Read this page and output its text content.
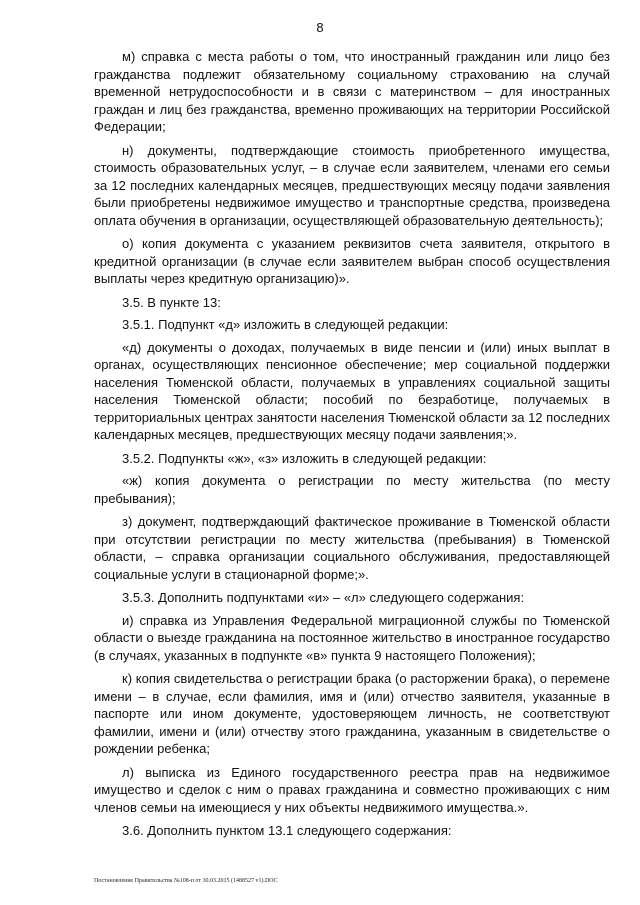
8

м) справка с места работы о том, что иностранный гражданин или лицо без гражданства подлежит обязательному социальному страхованию на случай временной нетрудоспособности и в связи с материнством – для иностранных граждан и лиц без гражданства, временно проживающих на территории Российской Федерации;

н) документы, подтверждающие стоимость приобретенного имущества, стоимость образовательных услуг, – в случае если заявителем, членами его семьи за 12 последних календарных месяцев, предшествующих месяцу подачи заявления были приобретены недвижимое имущество и транспортные средства, произведена оплата обучения в организации, осуществляющей образовательную деятельность);

о) копия документа с указанием реквизитов счета заявителя, открытого в кредитной организации (в случае если заявителем выбран способ осуществления выплаты через кредитную организацию)».

3.5. В пункте 13:

3.5.1. Подпункт «д» изложить в следующей редакции:

«д) документы о доходах, получаемых в виде пенсии и (или) иных выплат в органах, осуществляющих пенсионное обеспечение; мер социальной поддержки населения Тюменской области, получаемых в управлениях социальной защиты населения Тюменской области; пособий по безработице, получаемых в территориальных центрах занятости населения Тюменской области за 12 последних календарных месяцев, предшествующих месяцу подачи заявления;».

3.5.2. Подпункты «ж», «з» изложить в следующей редакции:

«ж) копия документа о регистрации по месту жительства (по месту пребывания);

з) документ, подтверждающий фактическое проживание в Тюменской области при отсутствии регистрации по месту жительства (пребывания) в Тюменской области, – справка организации социального обслуживания, предоставляющей социальные услуги в стационарной форме;».

3.5.3. Дополнить подпунктами «и» – «л» следующего содержания:

и) справка из Управления Федеральной миграционной службы по Тюменской области о выезде гражданина на постоянное жительство в иностранное государство (в случаях, указанных в подпункте «в» пункта 9 настоящего Положения);

к) копия свидетельства о регистрации брака (о расторжении брака), о перемене имени – в случае, если фамилия, имя и (или) отчество заявителя, указанные в паспорте или ином документе, удостоверяющем личность, не соответствуют фамилии, имени и (или) отчеству этого гражданина, указанным в свидетельстве о рождении ребенка;

л) выписка из Единого государственного реестра прав на недвижимое имущество и сделок с ним о правах гражданина и совместно проживающих с ним членов семьи на имеющиеся у них объекты недвижимого имущества.».

3.6. Дополнить пунктом 13.1 следующего содержания:

Постановление Правительства №108-п от 30.03.2015 (1488527 v1).DOC
